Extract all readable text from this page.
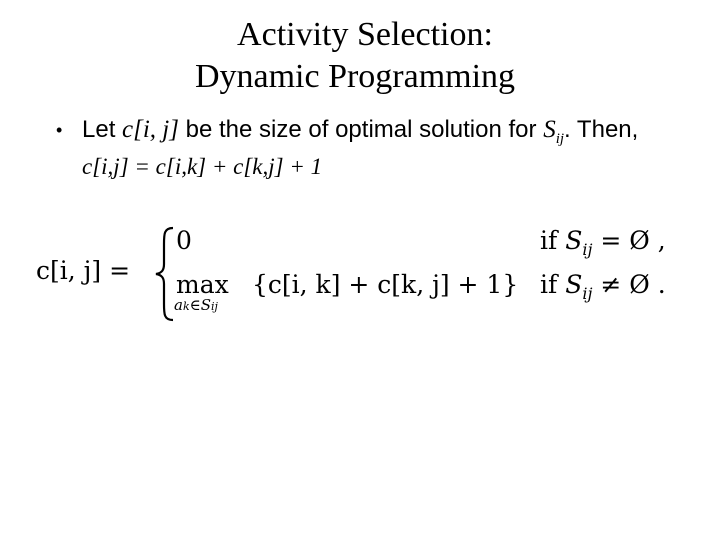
Activity Selection:
Dynamic Programming
• Let c[i, j] be the size of optimal solution for $S_{ij}$. Then,
c[i,j] = c[i,k] + c[k,j] + 1
c[i, j] =
0
max
ak∈Sij
{c[i, k] + c[k, j] + 1}
if $S_{ij}$ = Ø ,
if $S_{ij}$ ≠ Ø .
